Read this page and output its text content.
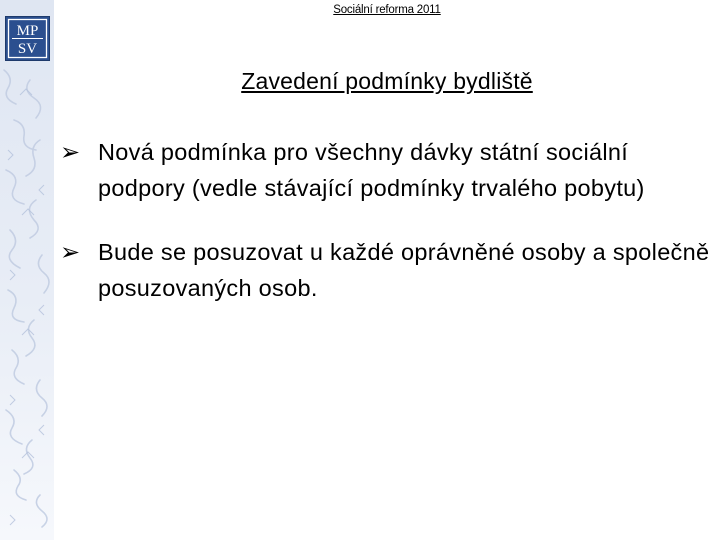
MP
SV
Sociální reforma 2011
Zavedení podmínky bydliště
➢ Nová podmínka pro všechny dávky státní sociální podpory (vedle stávající podmínky trvalého pobytu)
➢ Bude se posuzovat u každé oprávněné osoby a společně posuzovaných osob.
